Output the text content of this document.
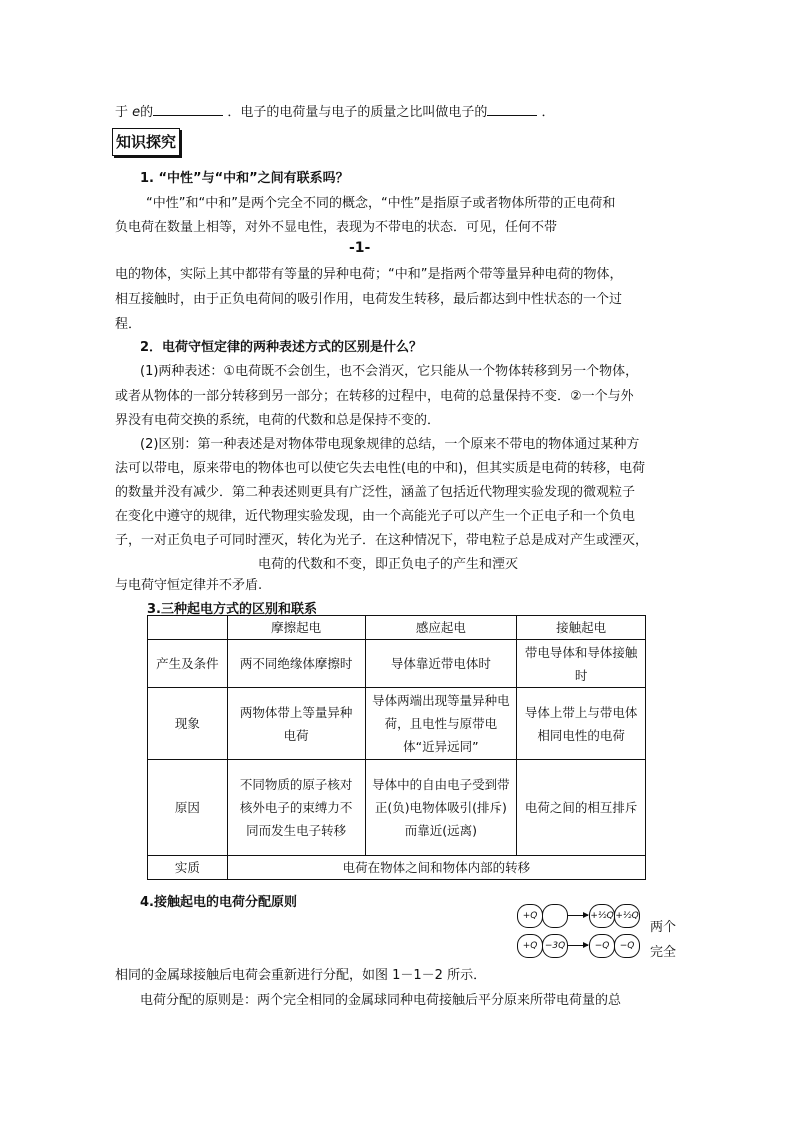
于 e的	．电子的电荷量与电子的质量之比叫做电子的	．
知识探究
1. “中性”与“中和”之间有联系吗？
“中性”和“中和”是两个完全不同的概念，“中性”是指原子或者物体所带的正电荷和
负电荷在数量上相等，对外不显电性，表现为不带电的状态．可见，任何不带
-1-
电的物体，实际上其中都带有等量的异种电荷；“中和”是指两个带等量异种电荷的物体，
相互接触时，由于正负电荷间的吸引作用，电荷发生转移，最后都达到中性状态的一个过
程．
2．电荷守恒定律的两种表述方式的区别是什么？
(1)两种表述：①电荷既不会创生，也不会消灭，它只能从一个物体转移到另一个物体，
或者从物体的一部分转移到另一部分；在转移的过程中，电荷的总量保持不变．②一个与外
界没有电荷交换的系统，电荷的代数和总是保持不变的．
(2)区别：第一种表述是对物体带电现象规律的总结，一个原来不带电的物体通过某种方
法可以带电，原来带电的物体也可以使它失去电性(电的中和)，但其实质是电荷的转移，电荷
的数量并没有减少．第二种表述则更具有广泛性，涵盖了包括近代物理实验发现的微观粒子
在变化中遵守的规律，近代物理实验发现，由一个高能光子可以产生一个正电子和一个负电
子，一对正负电子可同时湮灭，转化为光子．在这种情况下，带电粒子总是成对产生或湮灭，
电荷的代数和不变，即正负电子的产生和湮灭
与电荷守恒定律并不矛盾.
3.三种起电方式的区别和联系
	摩擦起电	感应起电	接触起电
产生及条件	两不同绝缘体摩擦时	导体靠近带电体时	带电导体和导体接触时
现象	两物体带上等量异种电荷	导体两端出现等量异种电荷，且电性与原带电体“近异远同”	导体上带上与带电体相同电性的电荷
原因	不同物质的原子核对核外电子的束缚力不同而发生电子转移	导体中的自由电子受到带正(负)电物体吸引(排斥)而靠近(远离)	电荷之间的相互排斥
实质	电荷在物体之间和物体内部的转移		
4.接触起电的电荷分配原则
+Q	+½Q +½Q
+Q −3Q	−Q	−Q
两个
完全
相同的金属球接触后电荷会重新进行分配，如图 1－1－2 所示．
电荷分配的原则是：两个完全相同的金属球同种电荷接触后平分原来所带电荷量的总
